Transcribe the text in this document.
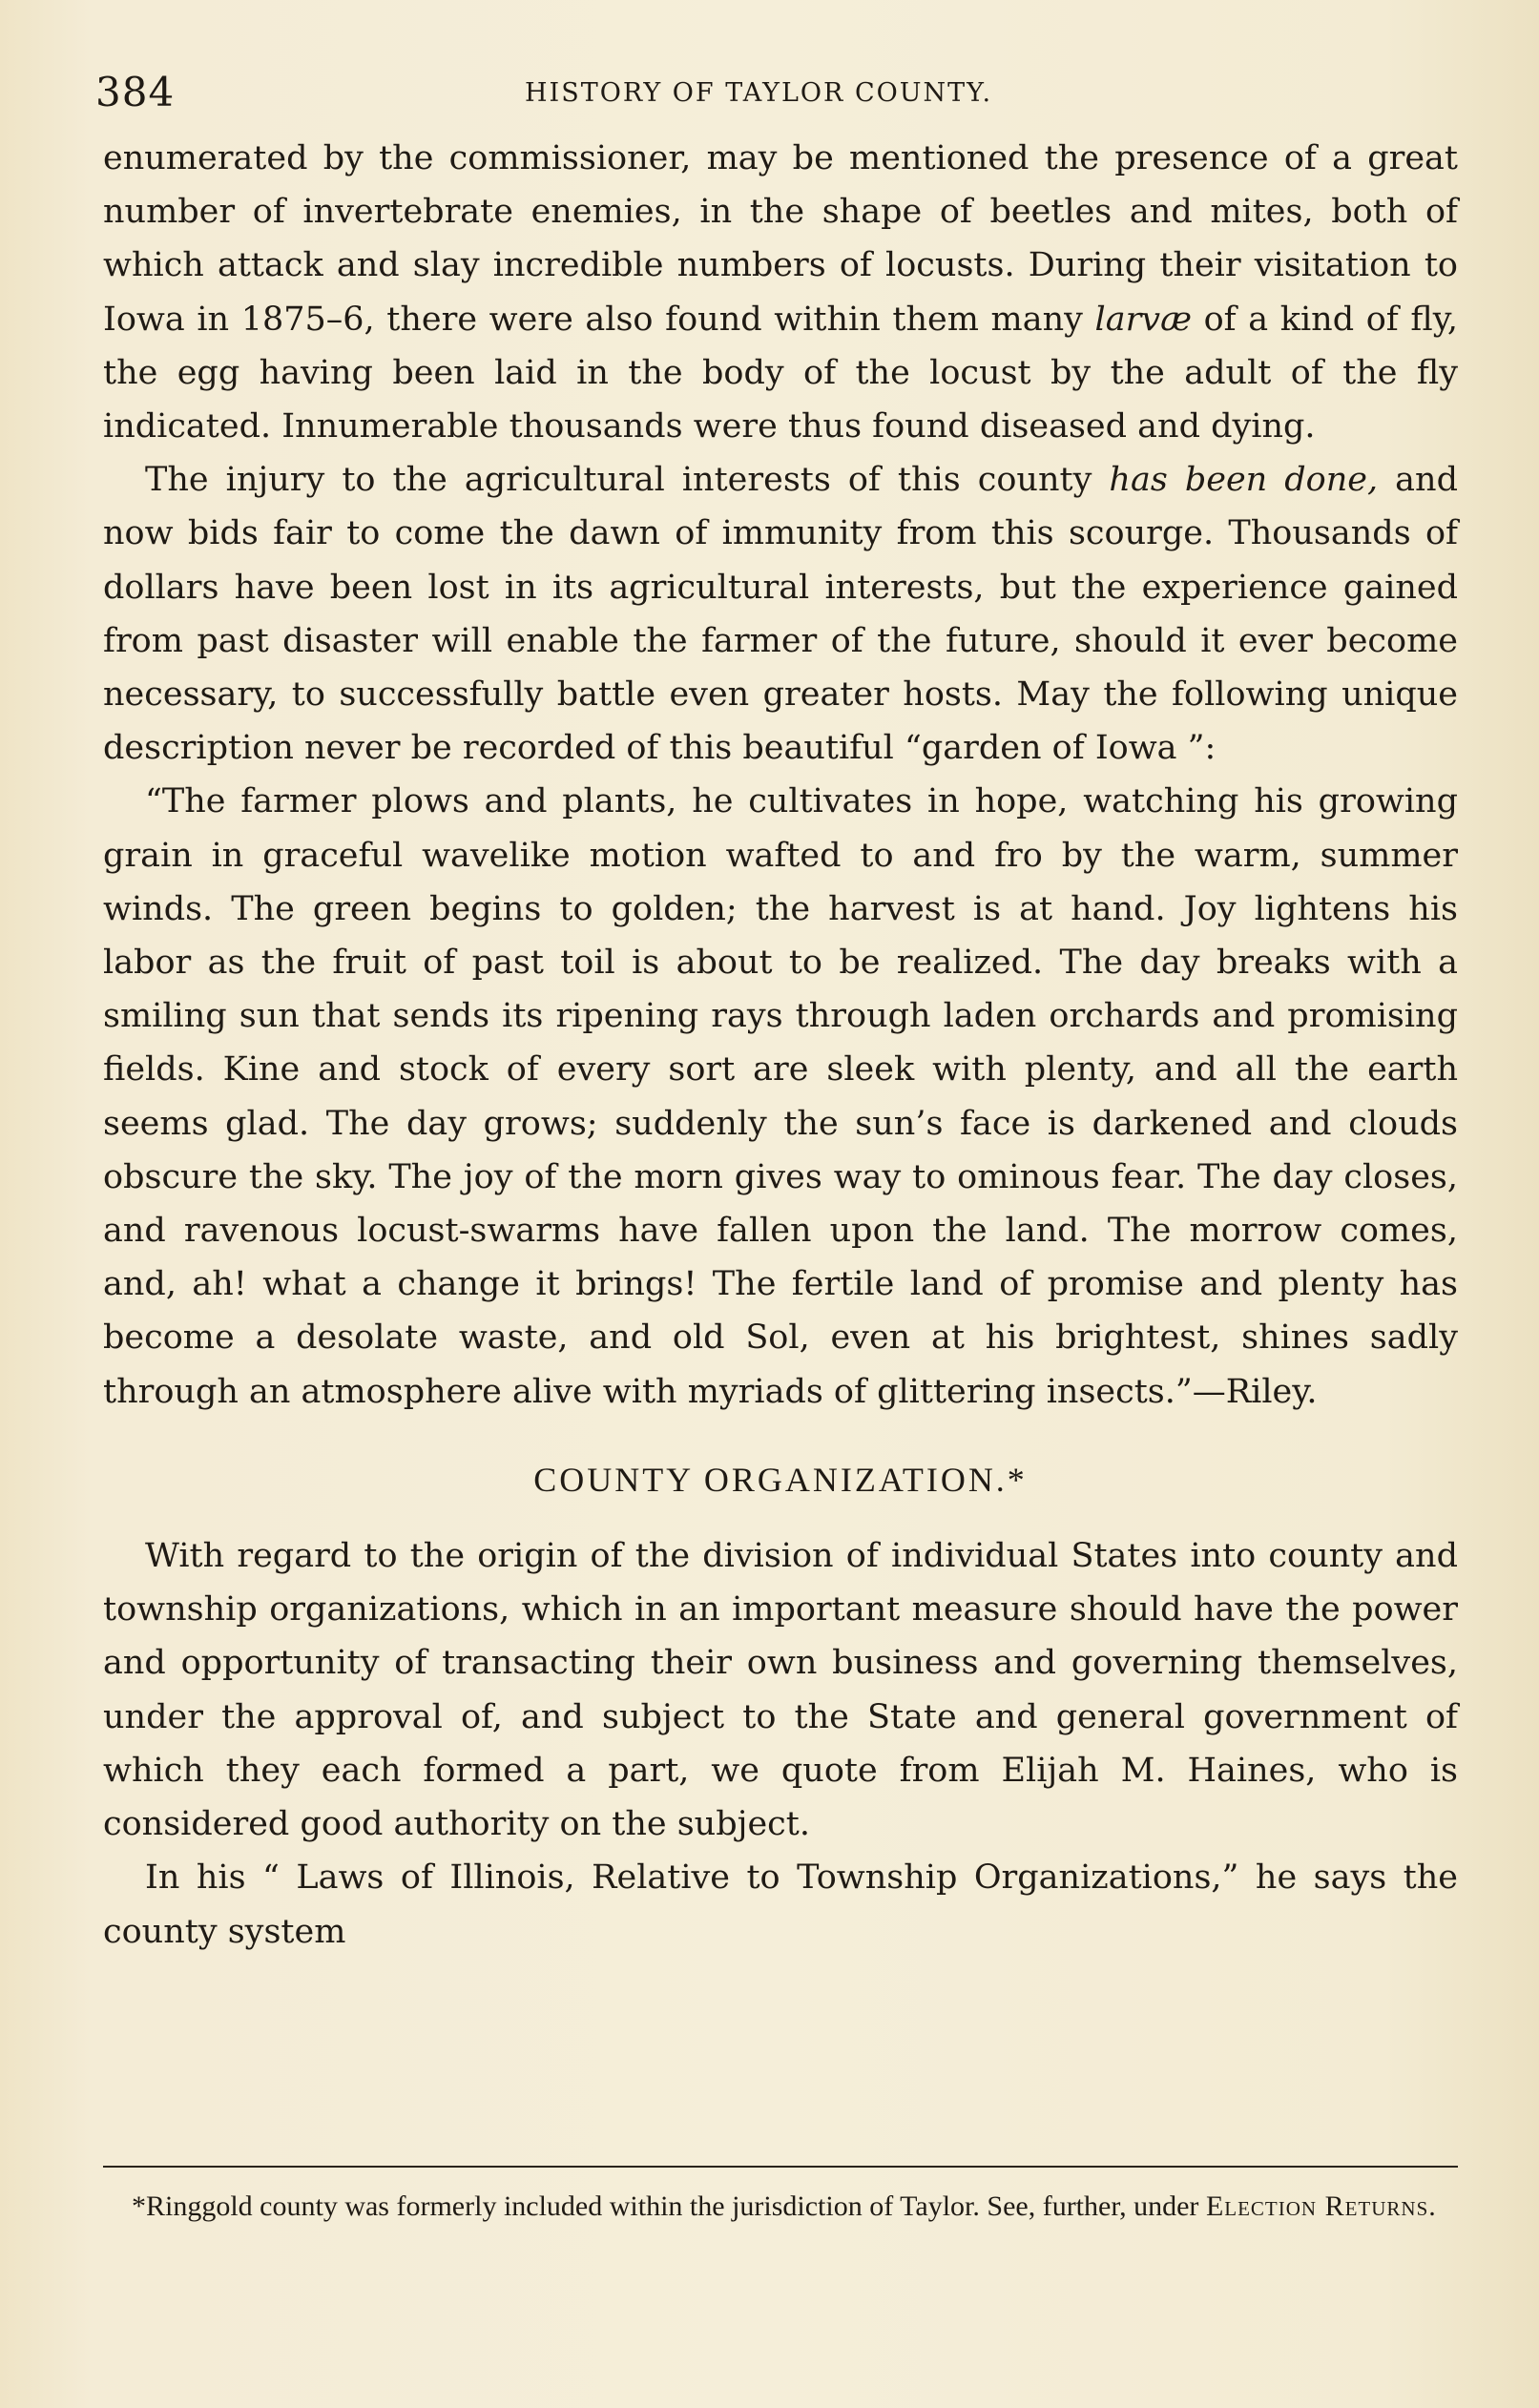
384	HISTORY OF TAYLOR COUNTY.

enumerated by the commissioner, may be mentioned the presence of a great number of invertebrate enemies, in the shape of beetles and mites, both of which attack and slay incredible numbers of locusts. During their visitation to Iowa in 1875–6, there were also found within them many larvæ of a kind of fly, the egg having been laid in the body of the locust by the adult of the fly indicated. Innumerable thousands were thus found diseased and dying.

The injury to the agricultural interests of this county has been done, and now bids fair to come the dawn of immunity from this scourge. Thousands of dollars have been lost in its agricultural interests, but the experience gained from past disaster will enable the farmer of the future, should it ever become necessary, to successfully battle even greater hosts. May the following unique description never be recorded of this beautiful “garden of Iowa ”:

“The farmer plows and plants, he cultivates in hope, watching his growing grain in graceful wavelike motion wafted to and fro by the warm, summer winds. The green begins to golden; the harvest is at hand. Joy lightens his labor as the fruit of past toil is about to be realized. The day breaks with a smiling sun that sends its ripening rays through laden orchards and promising fields. Kine and stock of every sort are sleek with plenty, and all the earth seems glad. The day grows; suddenly the sun’s face is darkened and clouds obscure the sky. The joy of the morn gives way to ominous fear. The day closes, and ravenous locust-swarms have fallen upon the land. The morrow comes, and, ah! what a change it brings! The fertile land of promise and plenty has become a desolate waste, and old Sol, even at his brightest, shines sadly through an atmosphere alive with myriads of glittering insects.”—Riley.

COUNTY ORGANIZATION.*

With regard to the origin of the division of individual States into county and township organizations, which in an important measure should have the power and opportunity of transacting their own business and governing themselves, under the approval of, and subject to the State and general government of which they each formed a part, we quote from Elijah M. Haines, who is considered good authority on the subject.

In his “ Laws of Illinois, Relative to Township Organizations,” he says the county system

*Ringgold county was formerly included within the jurisdiction of Taylor. See, further, under Election Returns.
